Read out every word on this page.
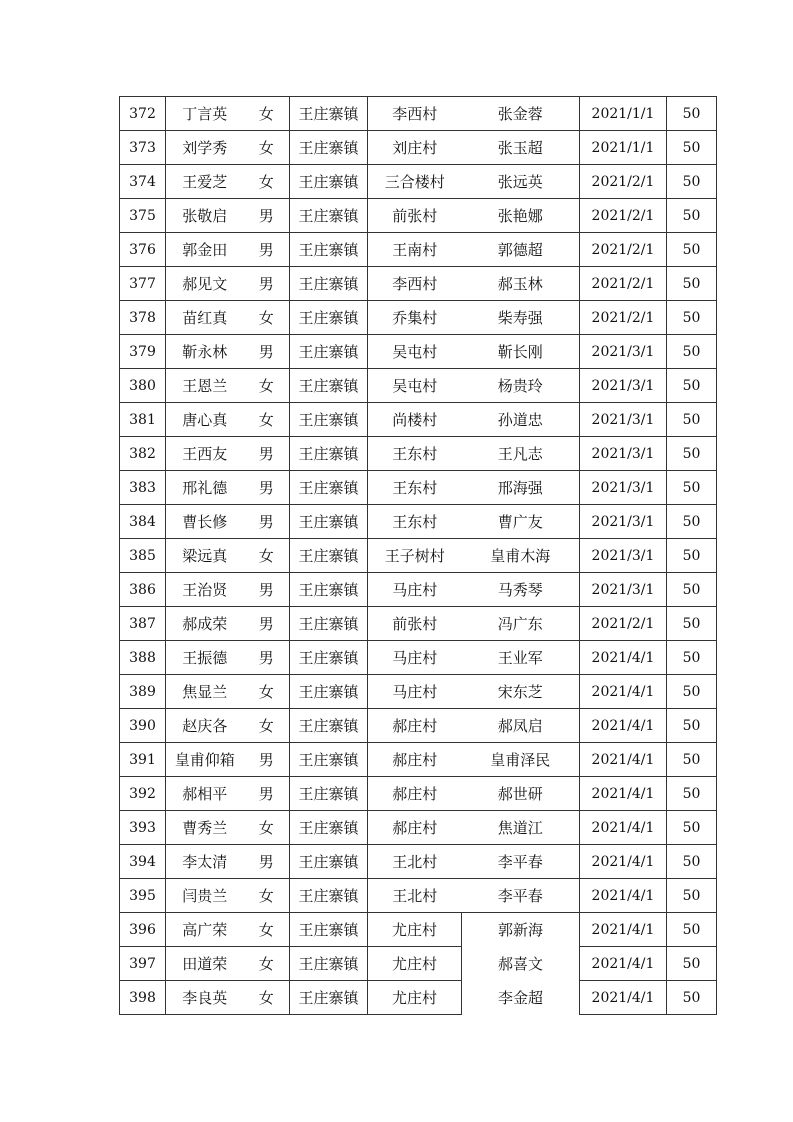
372	丁言英	女	王庄寨镇	李西村	张金蓉	2021/1/1	50
373	刘学秀	女	王庄寨镇	刘庄村	张玉超	2021/1/1	50
374	王爱芝	女	王庄寨镇	三合楼村	张远英	2021/2/1	50
375	张敬启	男	王庄寨镇	前张村	张艳娜	2021/2/1	50
376	郭金田	男	王庄寨镇	王南村	郭德超	2021/2/1	50
377	郝见文	男	王庄寨镇	李西村	郝玉林	2021/2/1	50
378	苗红真	女	王庄寨镇	乔集村	柴寿强	2021/2/1	50
379	靳永林	男	王庄寨镇	吴屯村	靳长刚	2021/3/1	50
380	王恩兰	女	王庄寨镇	吴屯村	杨贵玲	2021/3/1	50
381	唐心真	女	王庄寨镇	尚楼村	孙道忠	2021/3/1	50
382	王西友	男	王庄寨镇	王东村	王凡志	2021/3/1	50
383	邢礼德	男	王庄寨镇	王东村	邢海强	2021/3/1	50
384	曹长修	男	王庄寨镇	王东村	曹广友	2021/3/1	50
385	梁远真	女	王庄寨镇	王子树村	皇甫木海	2021/3/1	50
386	王治贤	男	王庄寨镇	马庄村	马秀琴	2021/3/1	50
387	郝成荣	男	王庄寨镇	前张村	冯广东	2021/2/1	50
388	王振德	男	王庄寨镇	马庄村	王业军	2021/4/1	50
389	焦显兰	女	王庄寨镇	马庄村	宋东芝	2021/4/1	50
390	赵庆各	女	王庄寨镇	郝庄村	郝凤启	2021/4/1	50
391	皇甫仰箱	男	王庄寨镇	郝庄村	皇甫泽民	2021/4/1	50
392	郝相平	男	王庄寨镇	郝庄村	郝世研	2021/4/1	50
393	曹秀兰	女	王庄寨镇	郝庄村	焦道江	2021/4/1	50
394	李太清	男	王庄寨镇	王北村	李平春	2021/4/1	50
395	闫贵兰	女	王庄寨镇	王北村	李平春	2021/4/1	50
396	高广荣	女	王庄寨镇	尤庄村	郭新海	2021/4/1	50
397	田道荣	女	王庄寨镇	尤庄村	郝喜文	2021/4/1	50
398	李良英	女	王庄寨镇	尤庄村	李金超	2021/4/1	50
